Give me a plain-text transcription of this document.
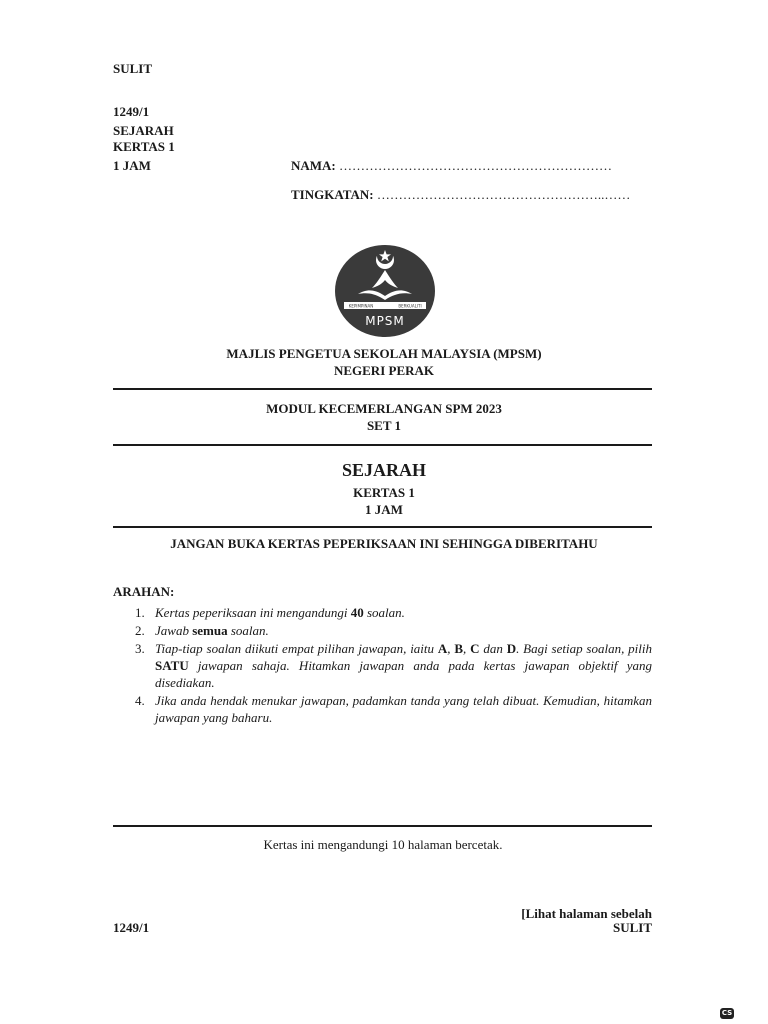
SULIT
1249/1
SEJARAH
KERTAS 1
1 JAM	NAMA: ………………………………………………………
TINGKATAN: ……………………………………………..……
KEPIMPINAN	BERKUALITI
MPSM
MAJLIS PENGETUA SEKOLAH MALAYSIA (MPSM)
NEGERI PERAK
MODUL KECEMERLANGAN SPM 2023
SET 1
SEJARAH
KERTAS 1
1 JAM
JANGAN BUKA KERTAS PEPERIKSAAN INI SEHINGGA DIBERITAHU
ARAHAN:
1. Kertas peperiksaan ini mengandungi 40 soalan.
2. Jawab semua soalan.
3. Tiap-tiap soalan diikuti empat pilihan jawapan, iaitu A, B, C dan D. Bagi setiap soalan, pilih SATU jawapan sahaja. Hitamkan jawapan anda pada kertas jawapan objektif yang disediakan.
4. Jika anda hendak menukar jawapan, padamkan tanda yang telah dibuat. Kemudian, hitamkan jawapan yang baharu.
Kertas ini mengandungi 10 halaman bercetak.
[Lihat halaman sebelah
1249/1	SULIT
CS
